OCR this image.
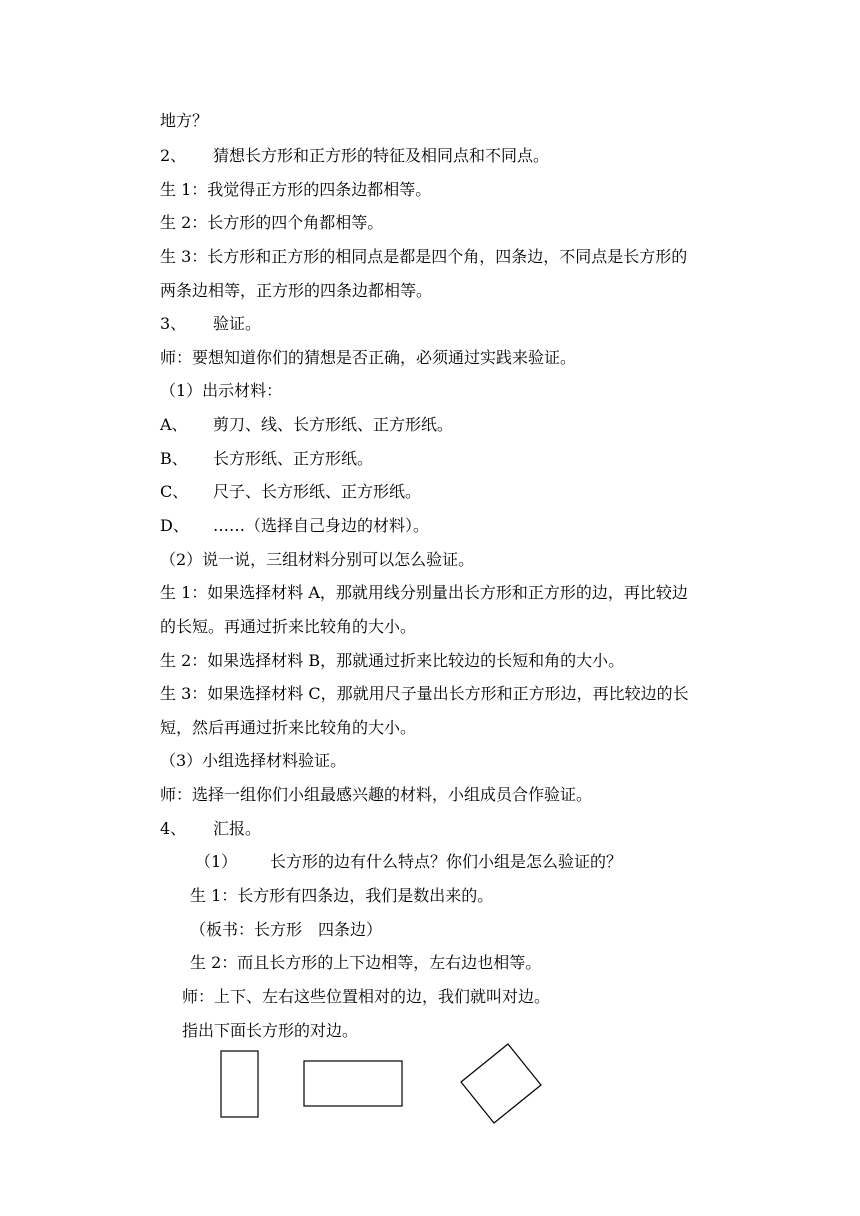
地方？
2、 猜想长方形和正方形的特征及相同点和不同点。
生 1：我觉得正方形的四条边都相等。
生 2：长方形的四个角都相等。
生 3：长方形和正方形的相同点是都是四个角，四条边，不同点是长方形的
两条边相等，正方形的四条边都相等。
3、 验证。
师：要想知道你们的猜想是否正确，必须通过实践来验证。
（1）出示材料：
A、 剪刀、线、长方形纸、正方形纸。
B、 长方形纸、正方形纸。
C、 尺子、长方形纸、正方形纸。
D、 ……（选择自己身边的材料）。
（2）说一说，三组材料分别可以怎么验证。
生 1：如果选择材料 A，那就用线分别量出长方形和正方形的边，再比较边
的长短。再通过折来比较角的大小。
生 2：如果选择材料 B，那就通过折来比较边的长短和角的大小。
生 3：如果选择材料 C，那就用尺子量出长方形和正方形边，再比较边的长
短，然后再通过折来比较角的大小。
（3）小组选择材料验证。
师：选择一组你们小组最感兴趣的材料，小组成员合作验证。
4、 汇报。
（1） 长方形的边有什么特点？你们小组是怎么验证的？
生 1：长方形有四条边，我们是数出来的。
（板书：长方形　四条边）
生 2：而且长方形的上下边相等，左右边也相等。
师：上下、左右这些位置相对的边，我们就叫对边。
指出下面长方形的对边。
